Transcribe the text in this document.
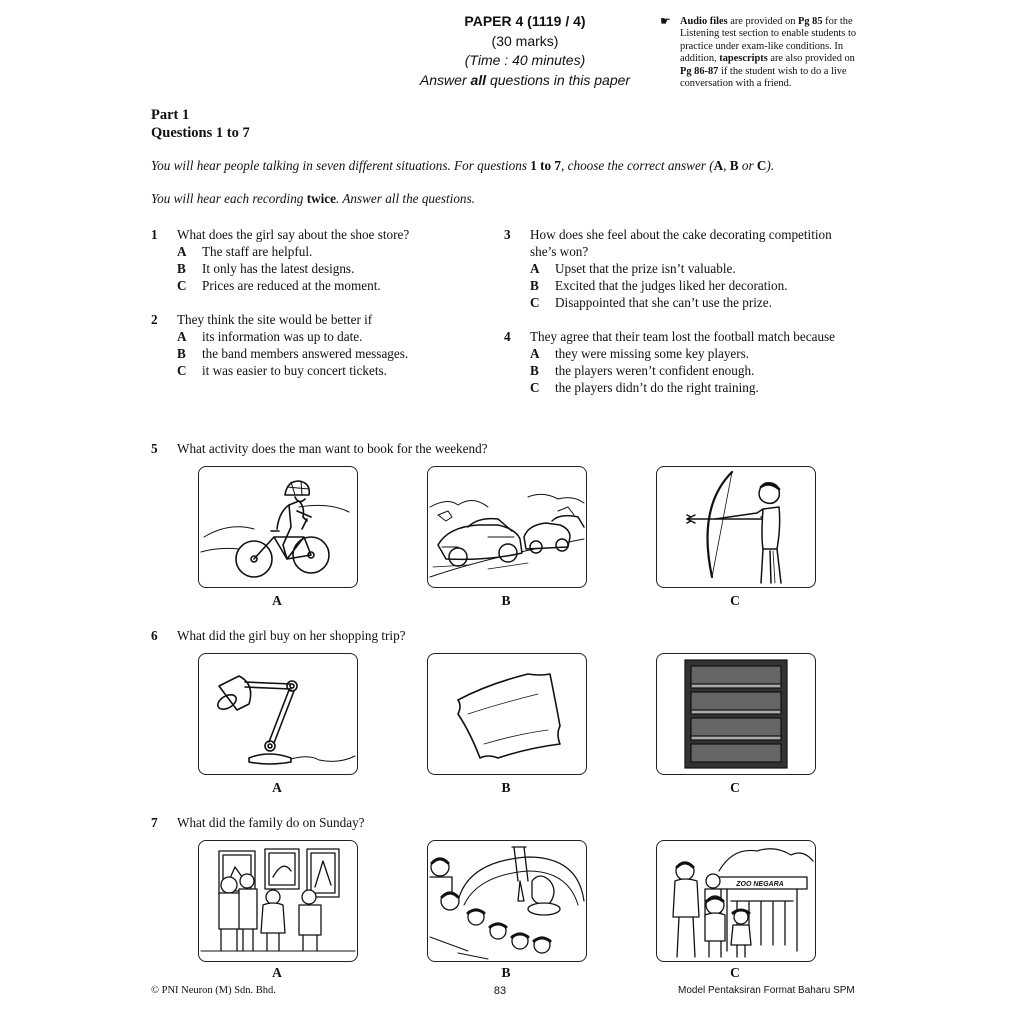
PAPER 4 (1119 / 4)
(30 marks)
(Time : 40 minutes)
Answer all questions in this paper
☛ Audio files are provided on Pg 85 for the Listening test section to enable students to practice under exam-like conditions. In addition, tapescripts are also provided on Pg 86-87 if the student wish to do a live conversation with a friend.
Part 1
Questions 1 to 7
You will hear people talking in seven different situations. For questions 1 to 7, choose the correct answer (A, B or C).
You will hear each recording twice. Answer all the questions.
1 What does the girl say about the shoe store?
A The staff are helpful.
B It only has the latest designs.
C Prices are reduced at the moment.
2 They think the site would be better if
A its information was up to date.
B the band members answered messages.
C it was easier to buy concert tickets.
3 How does she feel about the cake decorating competition she’s won?
A Upset that the prize isn’t valuable.
B Excited that the judges liked her decoration.
C Disappointed that she can’t use the prize.
4 They agree that their team lost the football match because
A they were missing some key players.
B the players weren’t confident enough.
C the players didn’t do the right training.
5 What activity does the man want to book for the weekend?
A	B	C
6 What did the girl buy on her shopping trip?
A	B	C
7 What did the family do on Sunday?
ZOO NEGARA
A	B	C
© PNI Neuron (M) Sdn. Bhd.	83	Model Pentaksiran Format Baharu SPM
